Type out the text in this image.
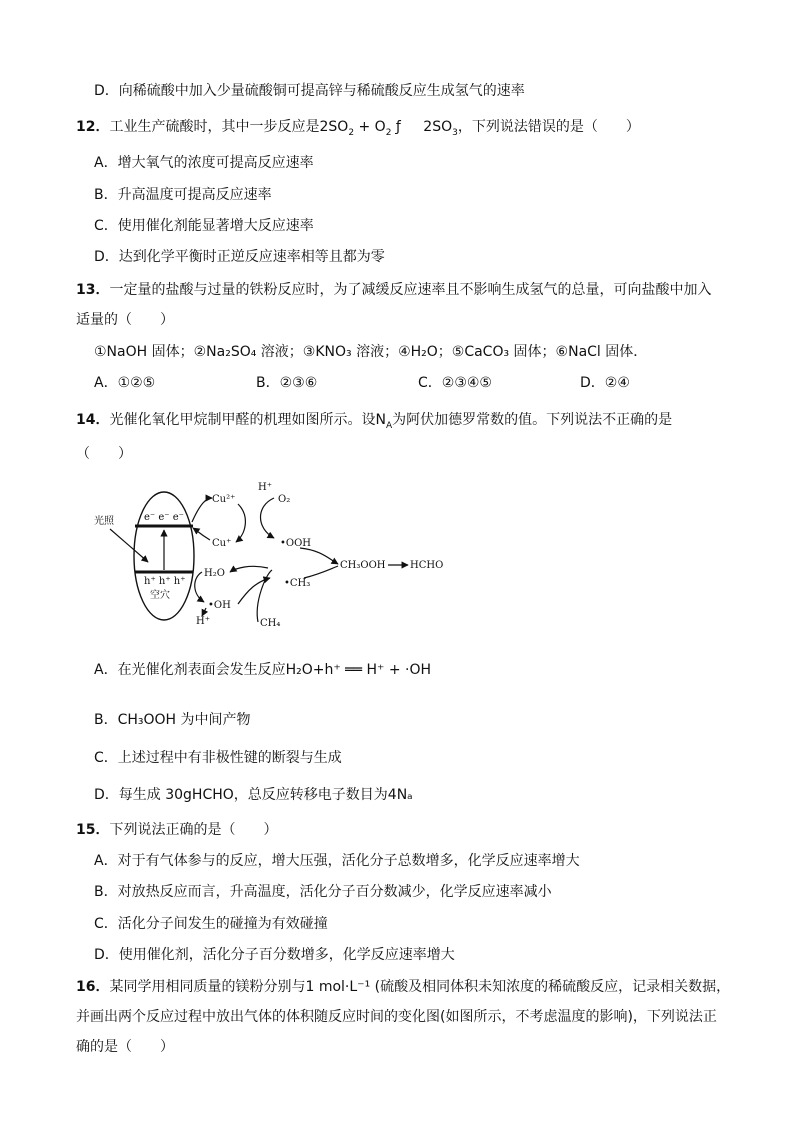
D．向稀硫酸中加入少量硫酸铜可提高锌与稀硫酸反应生成氢气的速率
12．工业生产硫酸时，其中一步反应是$2SO_2 + O_2$ ƒ $2SO_3$，下列说法错误的是（　　）
A．增大氧气的浓度可提高反应速率
B．升高温度可提高反应速率
C．使用催化剂能显著增大反应速率
D．达到化学平衡时正逆反应速率相等且都为零
13．一定量的盐酸与过量的铁粉反应时，为了减缓反应速率且不影响生成氢气的总量，可向盐酸中加入
适量的（　　）
①NaOH 固体；②Na₂SO₄ 溶液；③KNO₃ 溶液；④H₂O；⑤CaCO₃ 固体；⑥NaCl 固体．
A．①②⑤	B．②③⑥	C．②③④⑤	D．②④
14．光催化氧化甲烷制甲醛的机理如图所示。设$N_A$为阿伏加德罗常数的值。下列说法不正确的是
（　　）
e⁻ e⁻ e⁻
h⁺ h⁺ h⁺
空穴
光照
Cu²⁺
Cu⁺
H⁺
O₂
•OOH
CH₃OOH HCHO
H₂O
•OH
H⁺
•CH₃
CH₄
A．在光催化剂表面会发生反应H₂O+h⁺ ══ H⁺ + ·OH
B．CH₃OOH 为中间产物
C．上述过程中有非极性键的断裂与生成
D．每生成 30gHCHO，总反应转移电子数目为4Nₐ
15．下列说法正确的是（　　）
A．对于有气体参与的反应，增大压强，活化分子总数增多，化学反应速率增大
B．对放热反应而言，升高温度，活化分子百分数减少，化学反应速率减小
C．活化分子间发生的碰撞为有效碰撞
D．使用催化剂，活化分子百分数增多，化学反应速率增大
16．某同学用相同质量的镁粉分别与1 mol·L⁻¹ (硫酸及相同体积未知浓度的稀硫酸反应，记录相关数据，
并画出两个反应过程中放出气体的体积随反应时间的变化图(如图所示，不考虑温度的影响)，下列说法正
确的是（　　）
